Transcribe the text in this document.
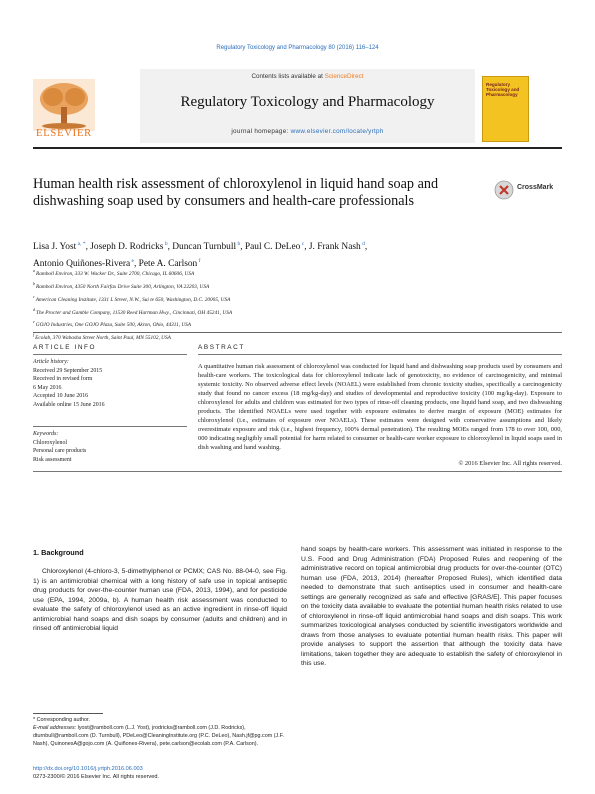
Regulatory Toxicology and Pharmacology 80 (2016) 116–124
Contents lists available at ScienceDirect
Regulatory Toxicology and Pharmacology
journal homepage: www.elsevier.com/locate/yrtph
ELSEVIER
Regulatory
Toxicology and
Pharmacology
Human health risk assessment of chloroxylenol in liquid hand soap and dishwashing soap used by consumers and health-care professionals
CrossMark
Lisa J. Yost $^{a, *}$, Joseph D. Rodricks $^b$, Duncan Turnbull $^b$, Paul C. DeLeo $^c$, J. Frank Nash $^d$,
Antonio Quiñones-Rivera $^e$, Pete A. Carlson $^f$
$^a$ Ramboll Environ, 333 W. Wacker Dr., Suite 2700, Chicago, IL 60606, USA
$^b$ Ramboll Environ, 4350 North Fairfax Drive Suite 300, Arlington, VA 22203, USA
$^c$ American Cleaning Institute, 1331 L Street, N.W., Sui te 650, Washington, D.C. 20005, USA
$^d$ The Procter and Gamble Company, 11530 Reed Hartman Hwy., Cincinnati, OH 45241, USA
$^e$ GOJO Industries, One GOJO Plaza, Suite 500, Akron, Ohio, 44311, USA
$^f$ Ecolab, 370 Wabasha Street North, Saint Paul, MN 55102, USA
ARTICLE INFO	ABSTRACT
Article history:
Received 29 September 2015
Received in revised form
6 May 2016
Accepted 10 June 2016
Available online 15 June 2016
Keywords:
Chloroxylenol
Personal care products
Risk assessment
A quantitative human risk assessment of chloroxylenol was conducted for liquid hand and dishwashing soap products used by consumers and health-care workers. The toxicological data for chloroxylenol indicate lack of genotoxicity, no evidence of carcinogenicity, and minimal systemic toxicity. No observed adverse effect levels (NOAEL) were established from chronic toxicity studies, specifically a carcinogenicity study that found no cancer excess (18 mg/kg-day) and studies of developmental and reproductive toxicity (100 mg/kg-day). Exposure to chloroxylenol for adults and children was estimated for two types of rinse-off cleaning products, one liquid hand soap, and two dishwashing products. The identified NOAELs were used together with exposure estimates to derive margin of exposure (MOE) estimates for chloroxylenol (i.e., estimates of exposure over NOAELs). These estimates were designed with conservative assumptions and likely overestimate exposure and risk (i.e., highest frequency, 100% dermal penetration). The resulting MOEs ranged from 178 to over 100, 000, 000 indicating negligibly small potential for harm related to consumer or health-care worker exposure to chloroxylenol in liquid soaps used in dish washing and hand washing.
© 2016 Elsevier Inc. All rights reserved.
1. Background
Chloroxylenol (4-chloro-3, 5-dimethylphenol or PCMX; CAS No. 88-04-0, see Fig. 1) is an antimicrobial chemical with a long history of safe use in topical antiseptic drug products for over-the-counter human use (FDA, 2013, 1994), and for pesticide use (EPA, 1994, 2009a, b). A human health risk assessment was conducted to evaluate the safety of chloroxylenol used as an active ingredient in rinse-off liquid antimicrobial hand soaps and dish soaps by consumer (adults and children) and in rinsed off antimicrobial liquid

hand soaps by health-care workers. This assessment was initiated in response to the U.S. Food and Drug Administration (FDA) Proposed Rules and reopening of the administrative record on topical antimicrobial drug products for over-the-counter (OTC) human use (FDA, 2013, 2014) (hereafter Proposed Rules), which identified data needed to demonstrate that such antiseptics used in consumer and health-care settings are generally recognized as safe and effective [GRAS/E]. This paper focuses on the toxicity data available to evaluate the potential human health risks related to use of chloroxylenol in rinse-off liquid antimicrobial hand soaps and dish soaps. This work summarizes toxicological analyses conducted by scientific investigators worldwide and draws from those analyses to evaluate potential human health risks. This paper will provide analyses to support the assertion that although the toxicity data have limitations, taken together they are adequate to establish the safety of chloroxylenol in this use.

* Corresponding author.
E-mail addresses: lyost@ramboll.com (L.J. Yost), jrodricks@ramboll.com (J.D. Rodricks), dturnbull@ramboll.com (D. Turnbull), PDeLeo@CleaningInstitute.org (P.C. DeLeo), Nash.jf@pg.com (J.F. Nash), QuinonesA@gojo.com (A. Quiñones-Rivera), pete.carlson@ecolab.com (P.A. Carlson).
http://dx.doi.org/10.1016/j.yrtph.2016.06.003
0273-2300/© 2016 Elsevier Inc. All rights reserved.
